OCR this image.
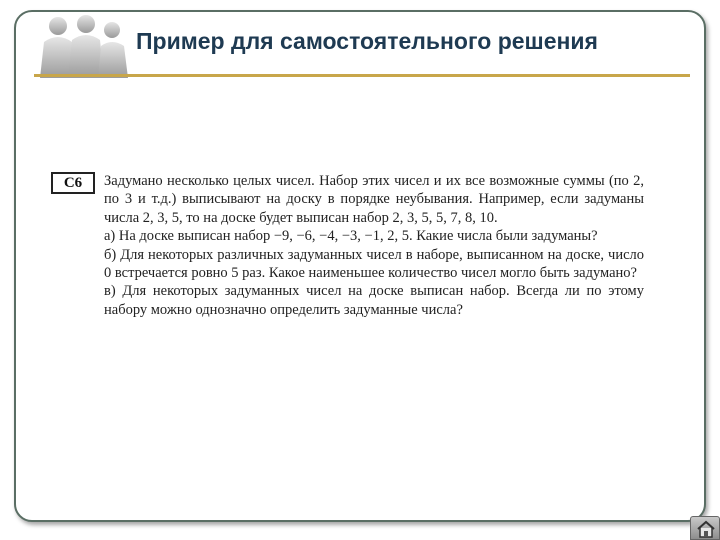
Пример для самостоятельного решения
С6	Задумано несколько целых чисел. Набор этих чисел и их все возможные суммы (по 2, по 3 и т.д.) выписывают на доску в порядке неубывания. Например, если задуманы числа 2, 3, 5, то на доске будет выписан набор 2, 3, 5, 5, 7, 8, 10.

а) На доске выписан набор −9, −6, −4, −3, −1, 2, 5. Какие числа были задуманы?

б) Для некоторых различных задуманных чисел в наборе, выписанном на доске, число 0 встречается ровно 5 раз. Какое наименьшее количество чисел могло быть задумано?

в) Для некоторых задуманных чисел на доске выписан набор. Всегда ли по этому набору можно однозначно определить задуманные числа?
